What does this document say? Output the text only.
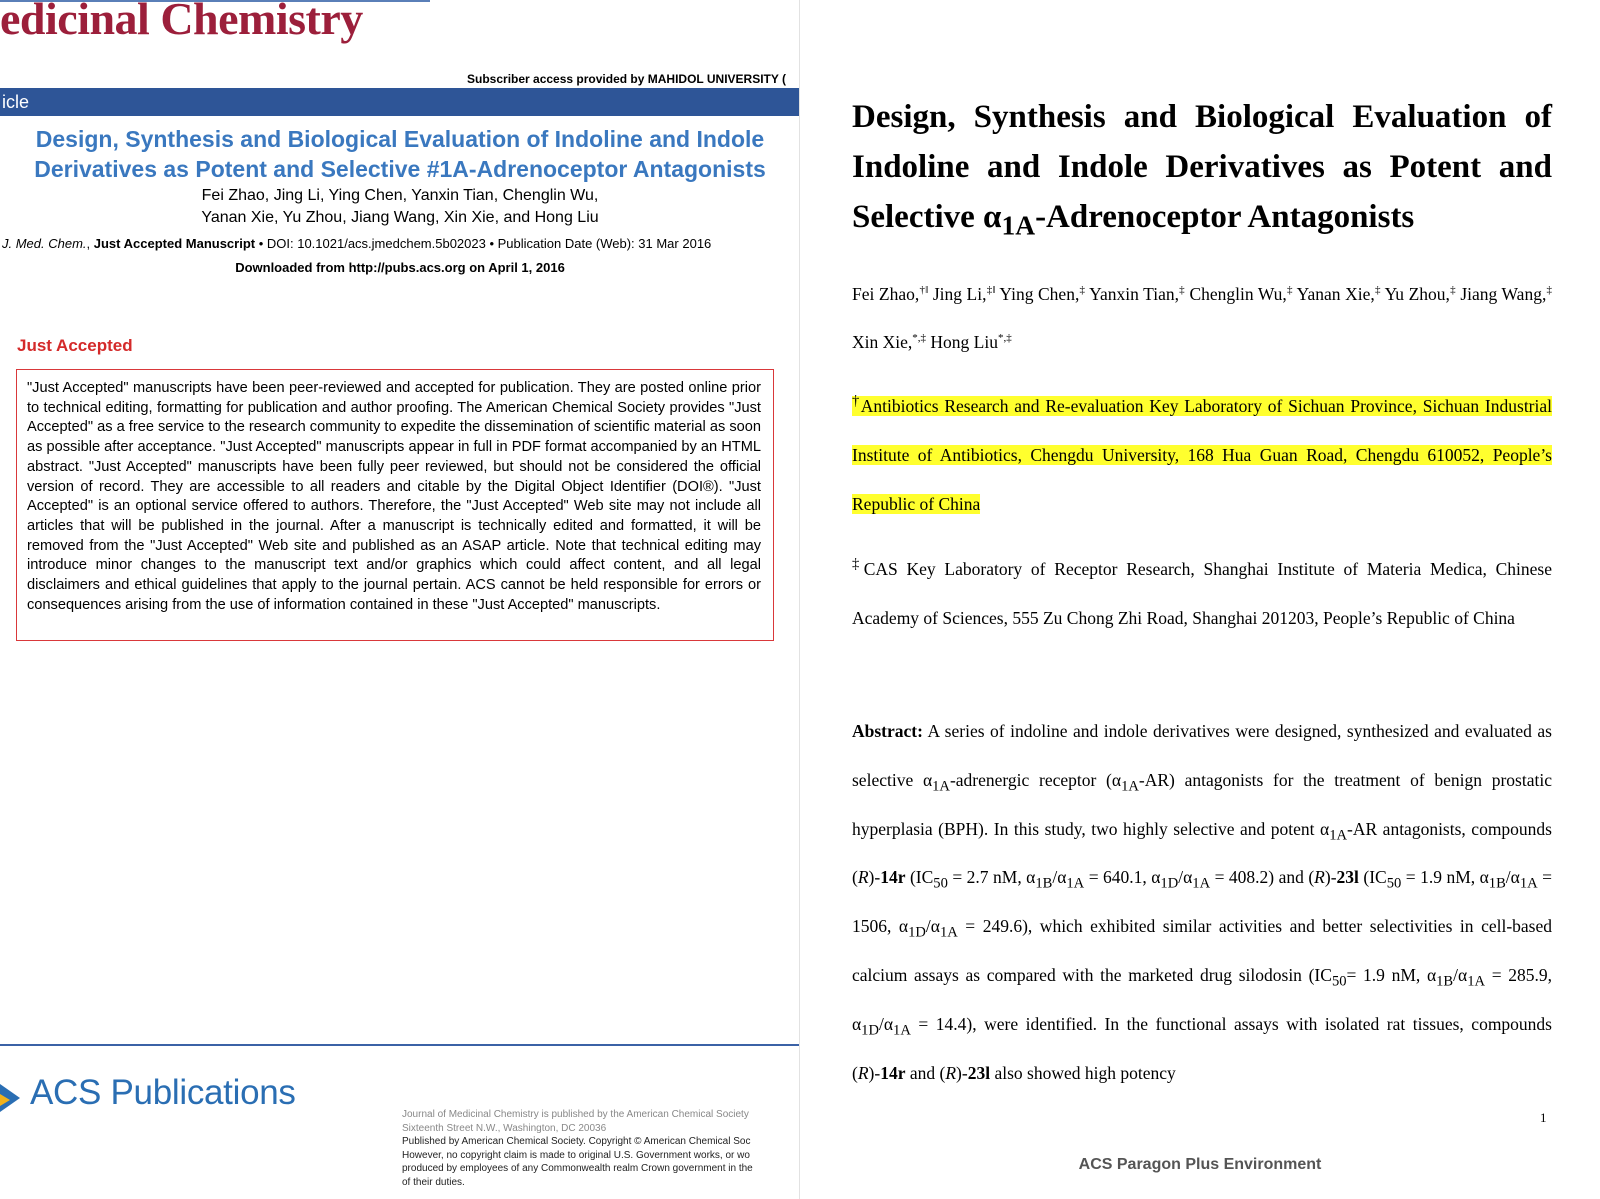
edicinal Chemistry
Subscriber access provided by MAHIDOL UNIVERSITY (
icle
Design, Synthesis and Biological Evaluation of Indoline and Indole
Derivatives as Potent and Selective #1A-Adrenoceptor Antagonists
Fei Zhao, Jing Li, Ying Chen, Yanxin Tian, Chenglin Wu,
Yanan Xie, Yu Zhou, Jiang Wang, Xin Xie, and Hong Liu
J. Med. Chem., Just Accepted Manuscript • DOI: 10.1021/acs.jmedchem.5b02023 • Publication Date (Web): 31 Mar 2016
Downloaded from http://pubs.acs.org on April 1, 2016
Just Accepted
"Just Accepted" manuscripts have been peer-reviewed and accepted for publication. They are posted online prior to technical editing, formatting for publication and author proofing. The American Chemical Society provides "Just Accepted" as a free service to the research community to expedite the dissemination of scientific material as soon as possible after acceptance. "Just Accepted" manuscripts appear in full in PDF format accompanied by an HTML abstract. "Just Accepted" manuscripts have been fully peer reviewed, but should not be considered the official version of record. They are accessible to all readers and citable by the Digital Object Identifier (DOI®). "Just Accepted" is an optional service offered to authors. Therefore, the "Just Accepted" Web site may not include all articles that will be published in the journal. After a manuscript is technically edited and formatted, it will be removed from the "Just Accepted" Web site and published as an ASAP article. Note that technical editing may introduce minor changes to the manuscript text and/or graphics which could affect content, and all legal disclaimers and ethical guidelines that apply to the journal pertain. ACS cannot be held responsible for errors or consequences arising from the use of information contained in these "Just Accepted" manuscripts.
ACS Publications
Journal of Medicinal Chemistry is published by the American Chemical Society
Sixteenth Street N.W., Washington, DC 20036
Published by American Chemical Society. Copyright © American Chemical Soc
However, no copyright claim is made to original U.S. Government works, or wo
produced by employees of any Commonwealth realm Crown government in the
of their duties.
Design, Synthesis and Biological Evaluation of
Indoline and Indole Derivatives as Potent and
Selective $\alpha_{1A}$-Adrenoceptor Antagonists
Fei Zhao,†‖ Jing Li,‡‖ Ying Chen,‡ Yanxin Tian,‡ Chenglin Wu,‡ Yanan Xie,‡ Yu Zhou,‡ Jiang Wang,‡ Xin Xie,*,‡ Hong Liu*,‡
†Antibiotics Research and Re-evaluation Key Laboratory of Sichuan Province, Sichuan Industrial Institute of Antibiotics, Chengdu University, 168 Hua Guan Road, Chengdu 610052, People’s Republic of China
‡CAS Key Laboratory of Receptor Research, Shanghai Institute of Materia Medica, Chinese Academy of Sciences, 555 Zu Chong Zhi Road, Shanghai 201203, People’s Republic of China
Abstract: A series of indoline and indole derivatives were designed, synthesized and evaluated as selective $\alpha_{1A}$-adrenergic receptor $(\alpha_{1A}-AR)$ antagonists for the treatment of benign prostatic hyperplasia (BPH). In this study, two highly selective and potent $\alpha_{1A}-AR$ antagonists, compounds (R)-14r ($IC_{50} = 2.7$ nM, $\alpha_{1B}/\alpha_{1A} = 640.1$, $\alpha_{1D}/\alpha_{1A} = 408.2$) and (R)-23l ($IC_{50} = 1.9$ nM, $\alpha_{1B}/\alpha_{1A} = 1506$, $\alpha_{1D}/\alpha_{1A} = 249.6$), which exhibited similar activities and better selectivities in cell-based calcium assays as compared with the marketed drug silodosin ($IC_{50}= 1.9$ nM, $\alpha_{1B}/\alpha_{1A} = 285.9$, $\alpha_{1D}/\alpha_{1A} = 14.4$), were identified. In the functional assays with isolated rat tissues, compounds (R)-14r and (R)-23l also showed high potency
1
ACS Paragon Plus Environment
